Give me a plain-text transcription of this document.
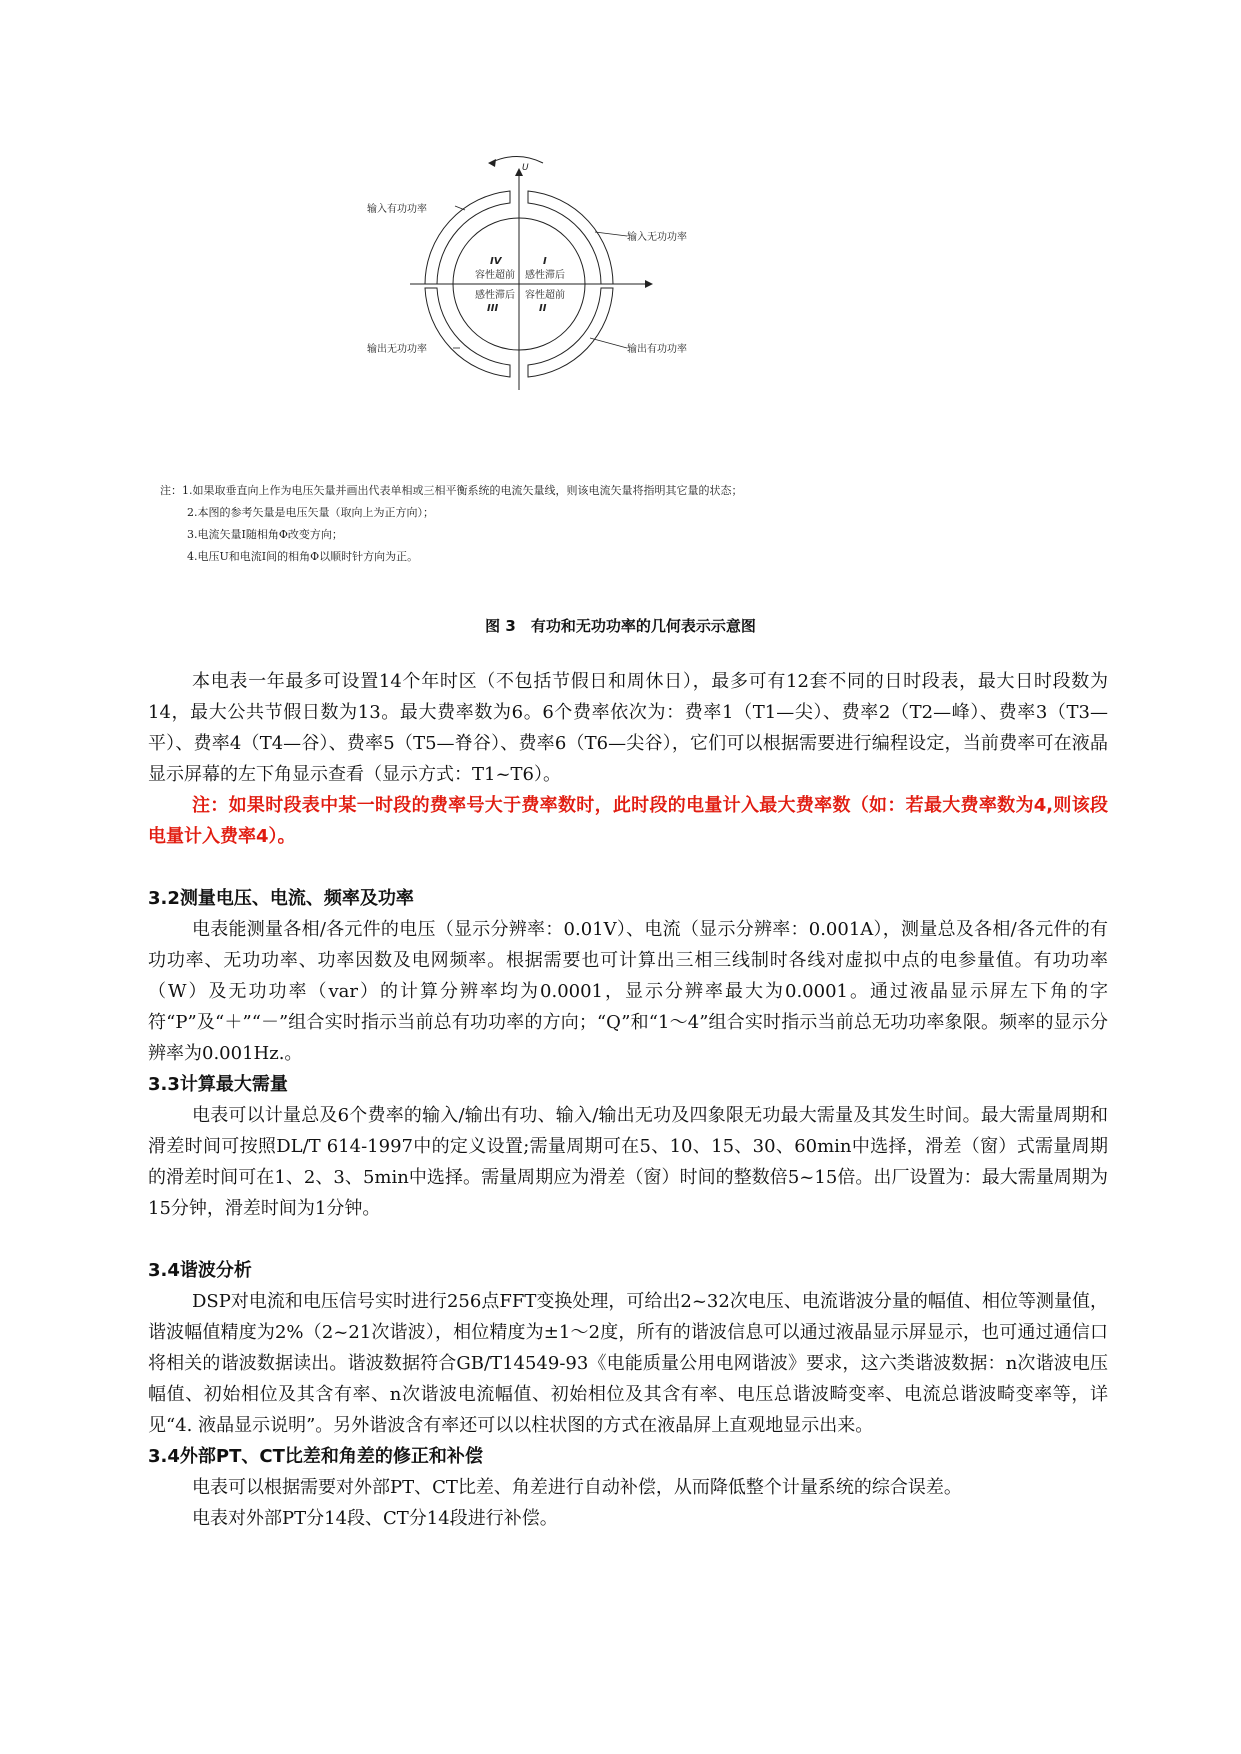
U
输入有功功率
输入无功功率
输出无功功率	输出有功功率
IV
容性超前
I
感性滞后
感性滞后
III
容性超前
II

注：1.如果取垂直向上作为电压矢量并画出代表单相或三相平衡系统的电流矢量线，则该电流矢量将指明其它量的状态；

2.本图的参考矢量是电压矢量（取向上为正方向）；

3.电流矢量Ⅰ随相角Φ改变方向；

4.电压U和电流Ⅰ间的相角Φ以顺时针方向为正。

图 3　有功和无功功率的几何表示示意图

本电表一年最多可设置14个年时区（不包括节假日和周休日），最多可有12套不同的日时段表，最大日时段数为14，最大公共节假日数为13。最大费率数为6。6个费率依次为：费率1（T1—尖）、费率2（T2—峰）、费率3（T3—平）、费率4（T4—谷）、费率5（T5—脊谷）、费率6（T6—尖谷），它们可以根据需要进行编程设定，当前费率可在液晶显示屏幕的左下角显示查看（显示方式：T1~T6）。

注：如果时段表中某一时段的费率号大于费率数时，此时段的电量计入最大费率数（如：若最大费率数为4,则该段电量计入费率4）。

3.2测量电压、电流、频率及功率

电表能测量各相/各元件的电压（显示分辨率：0.01V）、电流（显示分辨率：0.001A），测量总及各相/各元件的有功功率、无功功率、功率因数及电网频率。根据需要也可计算出三相三线制时各线对虚拟中点的电参量值。有功功率（W）及无功功率（var）的计算分辨率均为0.0001，显示分辨率最大为0.0001。通过液晶显示屏左下角的字符“P”及“＋”“－”组合实时指示当前总有功功率的方向；“Q”和“1～4”组合实时指示当前总无功功率象限。频率的显示分辨率为0.001Hz.。

3.3计算最大需量

电表可以计量总及6个费率的输入/输出有功、输入/输出无功及四象限无功最大需量及其发生时间。最大需量周期和滑差时间可按照DL/T 614-1997中的定义设置;需量周期可在5、10、15、30、60min中选择，滑差（窗）式需量周期的滑差时间可在1、2、3、5min中选择。需量周期应为滑差（窗）时间的整数倍5~15倍。出厂设置为：最大需量周期为15分钟，滑差时间为1分钟。

3.4谐波分析

DSP对电流和电压信号实时进行256点FFT变换处理，可给出2~32次电压、电流谐波分量的幅值、相位等测量值，谐波幅值精度为2%（2~21次谐波），相位精度为±1～2度，所有的谐波信息可以通过液晶显示屏显示，也可通过通信口将相关的谐波数据读出。谐波数据符合GB/T14549-93《电能质量公用电网谐波》要求，这六类谐波数据：n次谐波电压幅值、初始相位及其含有率、n次谐波电流幅值、初始相位及其含有率、电压总谐波畸变率、电流总谐波畸变率等，详见“4. 液晶显示说明”。另外谐波含有率还可以以柱状图的方式在液晶屏上直观地显示出来。

3.4外部PT、CT比差和角差的修正和补偿

电表可以根据需要对外部PT、CT比差、角差进行自动补偿，从而降低整个计量系统的综合误差。

电表对外部PT分14段、CT分14段进行补偿。
